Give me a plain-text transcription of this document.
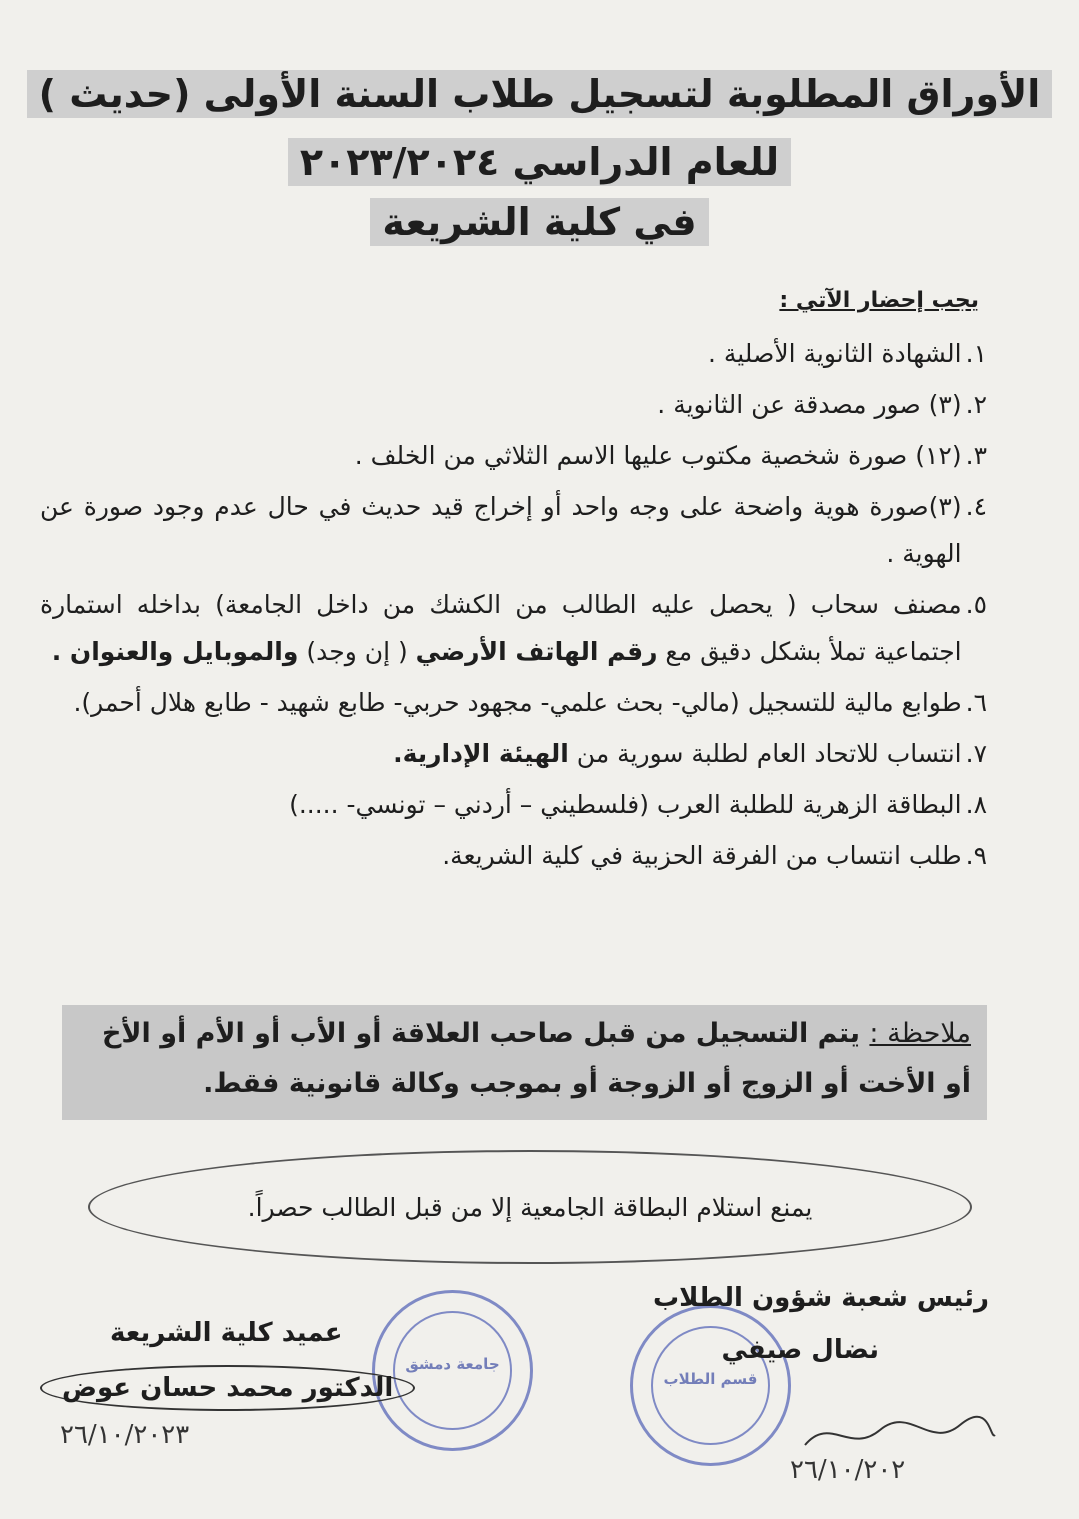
الأوراق المطلوبة لتسجيل طلاب السنة الأولى (حديث )
للعام الدراسي ٢٠٢٣/٢٠٢٤
في كلية الشريعة
يجب إحضار الآتي :
١.
الشهادة الثانوية الأصلية .
٢.
(٣) صور مصدقة عن الثانوية .
٣.
(١٢) صورة شخصية مكتوب عليها الاسم الثلاثي من الخلف .
٤.
(٣)صورة هوية واضحة على وجه واحد أو إخراج قيد حديث في حال عدم وجود صورة عن الهوية .
٥.
مصنف سحاب ( يحصل عليه الطالب من الكشك من داخل الجامعة) بداخله استمارة اجتماعية تملأ بشكل دقيق مع رقم الهاتف الأرضي ( إن وجد) والموبايل والعنوان .
٦.
طوابع مالية للتسجيل (مالي- بحث علمي- مجهود حربي- طابع شهيد - طابع هلال أحمر).
٧.
انتساب للاتحاد العام لطلبة سورية من الهيئة الإدارية.
٨.
البطاقة الزهرية للطلبة العرب (فلسطيني – أردني – تونسي- .....)
٩.
طلب انتساب من الفرقة الحزبية في كلية الشريعة.
ملاحظة : يتم التسجيل من قبل صاحب العلاقة أو الأب أو الأم أو الأخ أو الأخت أو الزوج أو الزوجة أو بموجب وكالة قانونية فقط.
يمنع استلام البطاقة الجامعية إلا من قبل الطالب حصراً.
جامعة دمشق
قسم الطلاب
رئيس شعبة شؤون الطلاب
نضال صيفي
عميد كلية الشريعة
الدكتور محمد حسان عوض
٢٦/١٠/٢٠٢٣
٢٦/١٠/٢٠٢
